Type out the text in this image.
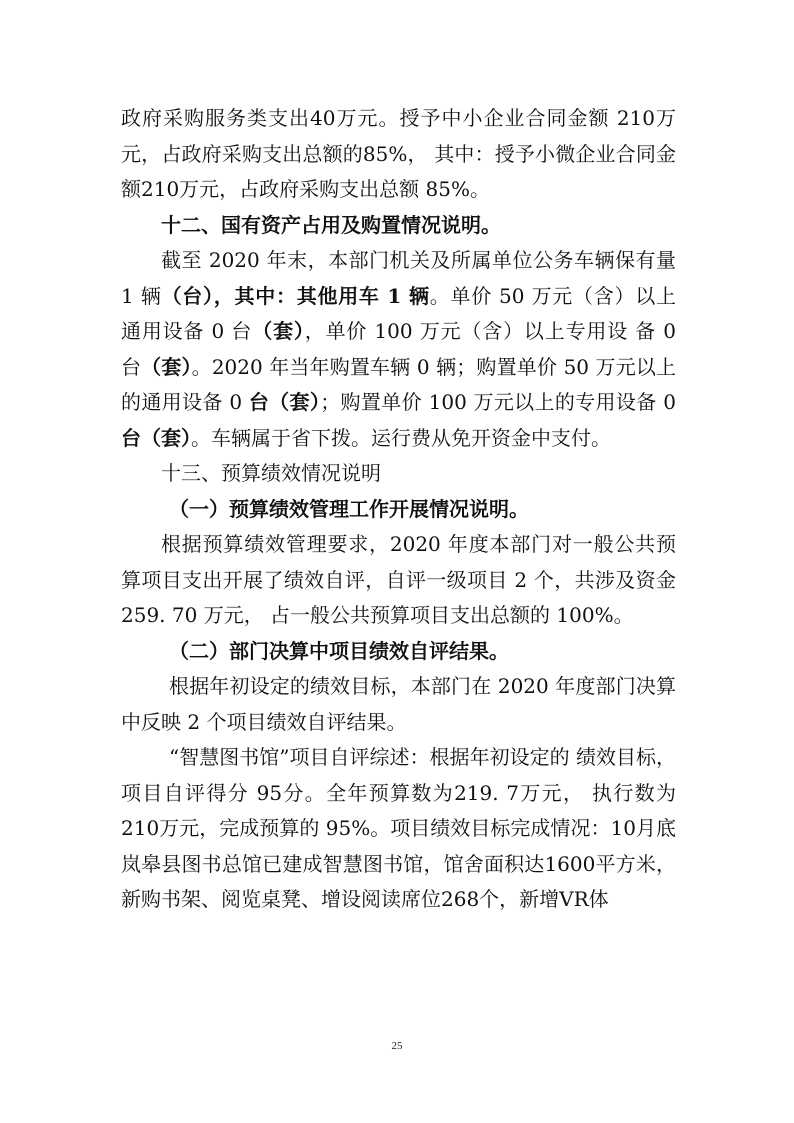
政府采购服务类支出40万元。授予中小企业合同金额 210万元，占政府采购支出总额的85%， 其中：授予小微企业合同金额210万元，占政府采购支出总额 85%。

十二、国有资产占用及购置情况说明。

截至 2020 年末，本部门机关及所属单位公务车辆保有量 1 辆（台），其中：其他用车 1 辆。单价 50 万元（含）以上通用设备 0 台（套），单价 100 万元（含）以上专用设 备 0 台（套）。2020 年当年购置车辆 0 辆；购置单价 50 万元以上的通用设备 0 台（套）；购置单价 100 万元以上的专用设备 0 台（套）。车辆属于省下拨。运行费从免开资金中支付。

十三、预算绩效情况说明

（一）预算绩效管理工作开展情况说明。

根据预算绩效管理要求，2020 年度本部门对一般公共预算项目支出开展了绩效自评，自评一级项目 2 个，共涉及资金 259. 70 万元， 占一般公共预算项目支出总额的 100%。

（二）部门决算中项目绩效自评结果。

根据年初设定的绩效目标，本部门在 2020 年度部门决算中反映 2 个项目绩效自评结果。

“智慧图书馆”项目自评综述：根据年初设定的 绩效目标，项目自评得分 95分。全年预算数为219. 7万元， 执行数为210万元，完成预算的 95%。项目绩效目标完成情况：10月底岚皋县图书总馆已建成智慧图书馆，馆舍面积达1600平方米，新购书架、阅览桌凳、增设阅读席位268个，新增VR体

25
